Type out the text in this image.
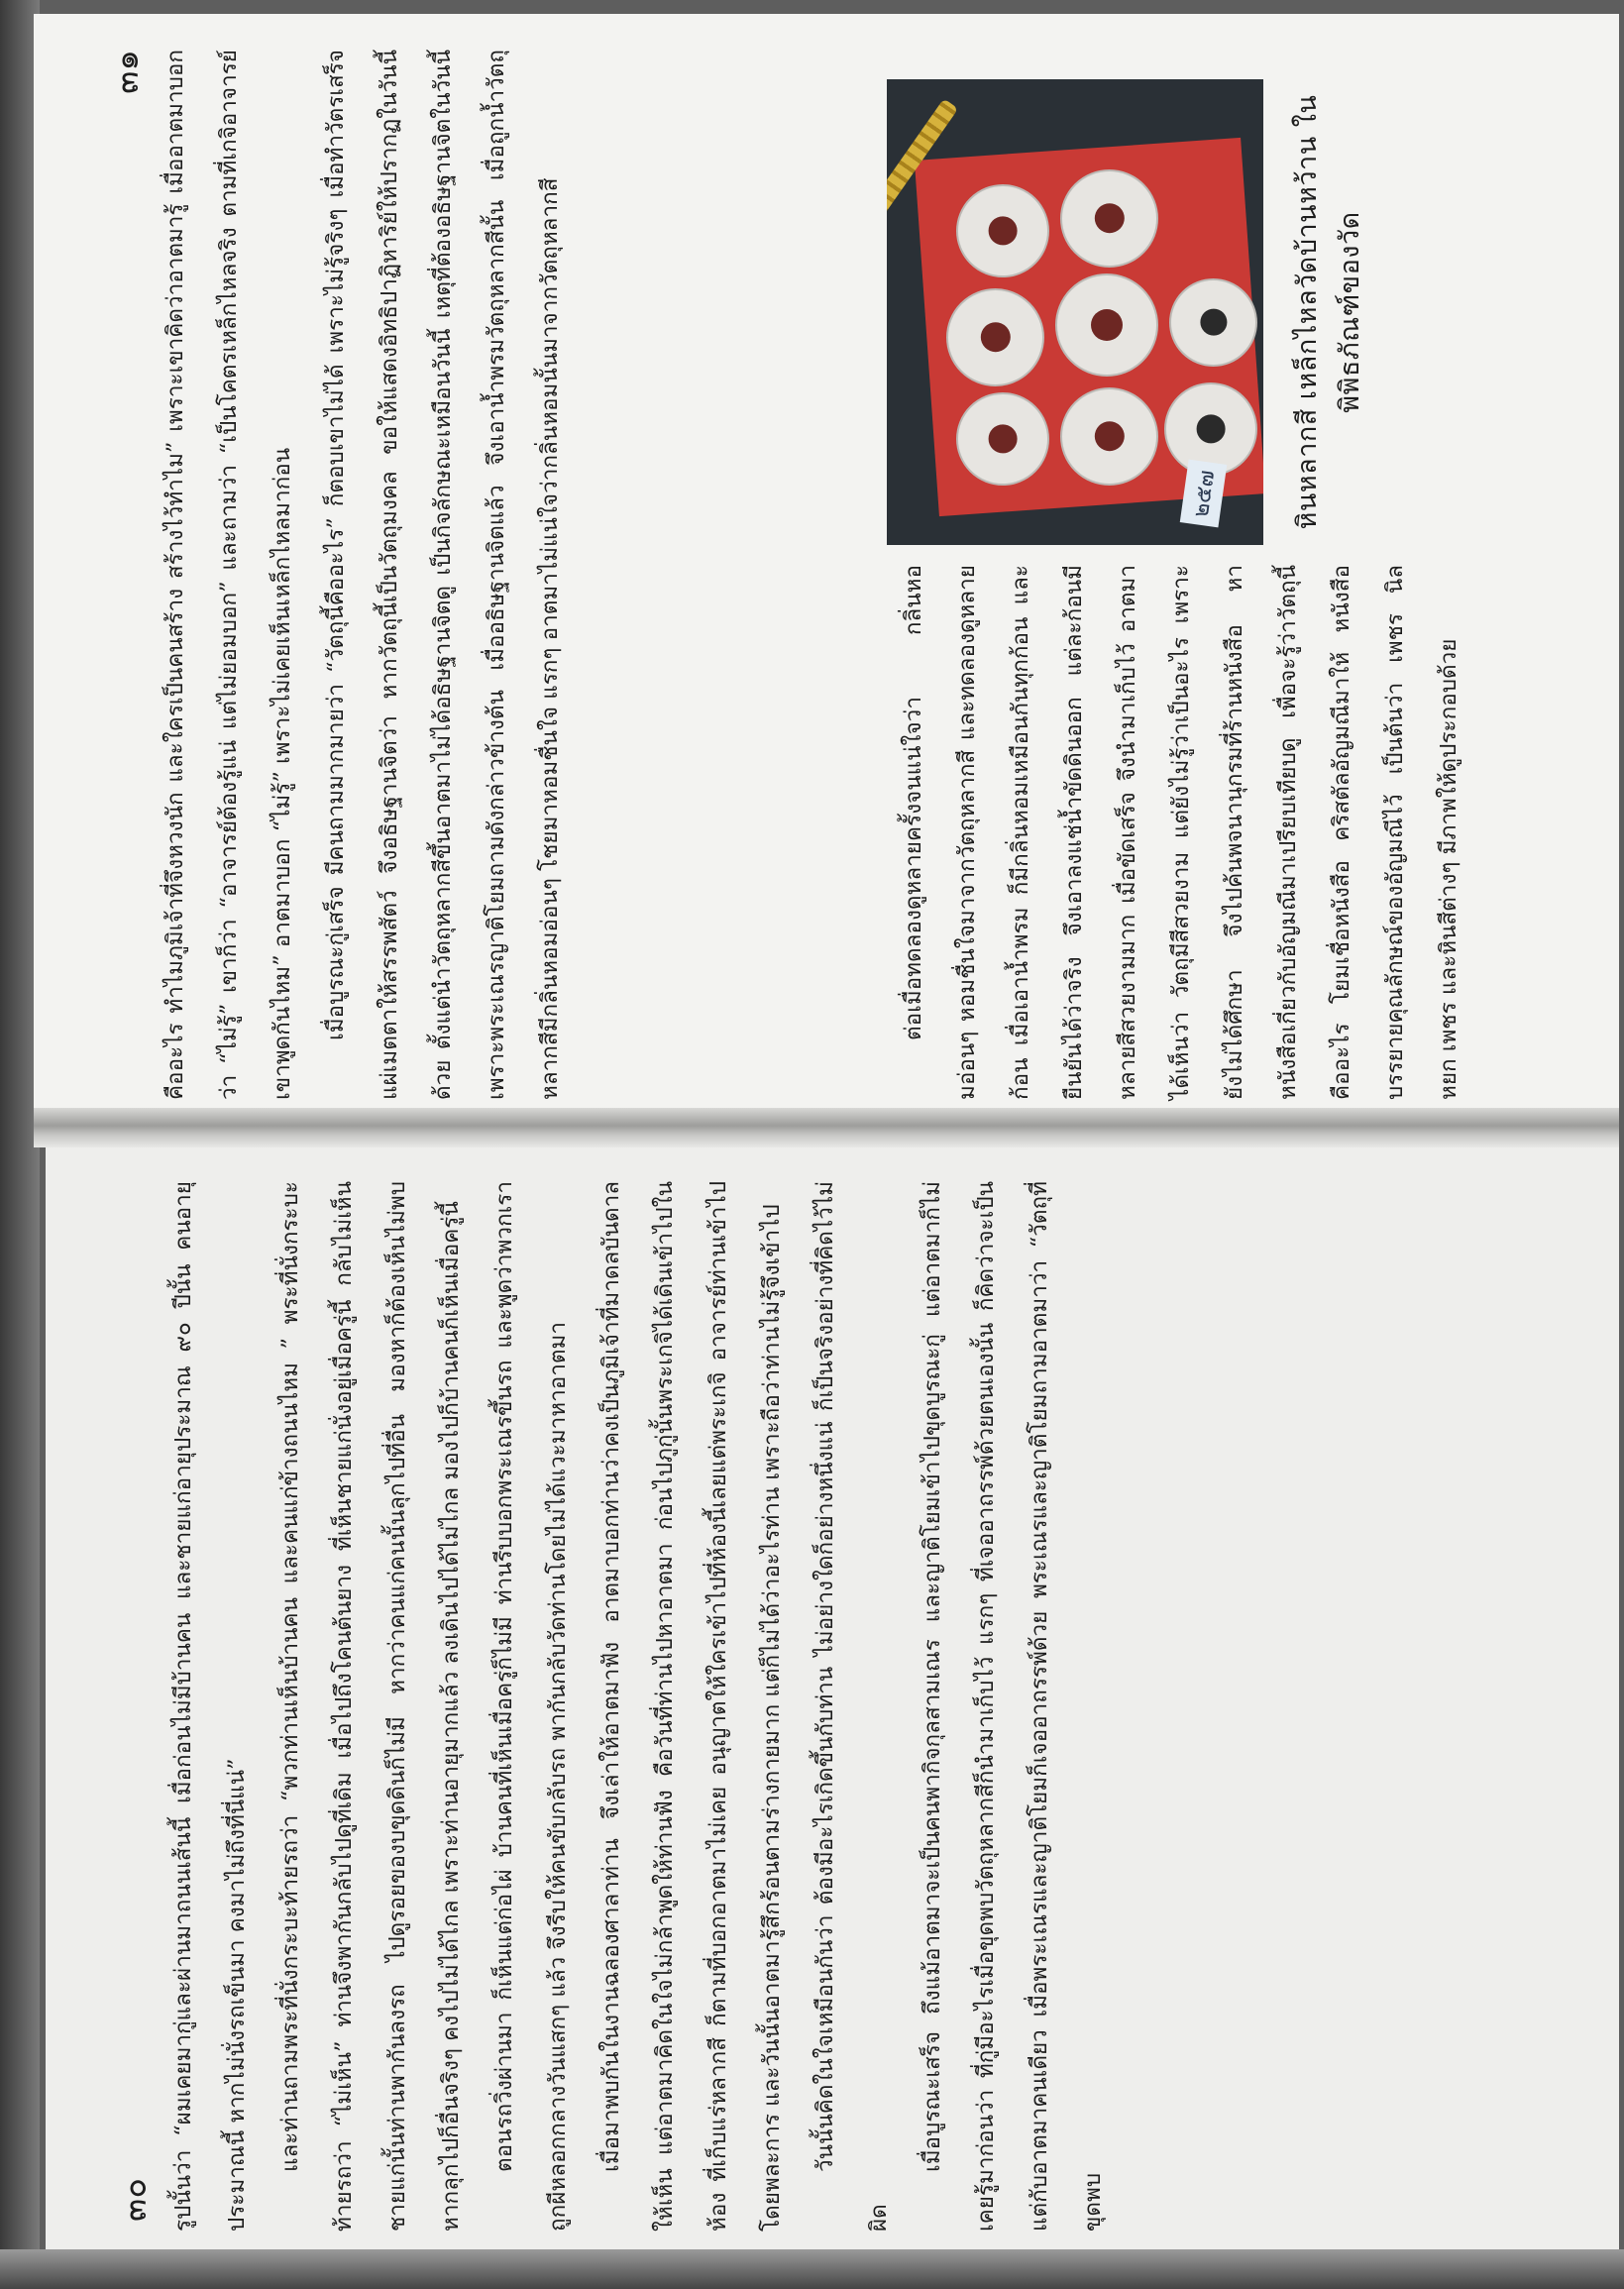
๓๑ คืออะไร ทำไมภูมิเจ้าที่จึงหวงนัก และใครเป็นคนสร้าง สร้างไว้ทำไม” เพราะเขาคิดว่าอาตมารู้ เมื่ออาตมาบอกว่า “ไม่รู้” เขาก็ว่า “อาจารย์ต้องรู้แน่ แต่ไม่ยอมบอก” และถามว่า “เป็นโคตรเหล็กไหลจริง ตามที่เกจิอาจารย์เขาพูดกันไหม” อาตมาบอก “ไม่รู้” เพราะไม่เคยเห็นเหล็กไหลมาก่อน	เมื่อบูรณะกู่เสร็จ มีคนถามมากมายว่า “วัตถุนี้คืออะไร” ก็ตอบเขาไม่ได้ เพราะไม่รู้จริงๆ เมื่อทำวัตรเสร็จแผ่เมตตาให้สรรพสัตว์ จึงอธิษฐานจิตว่า หากวัตถุนี้เป็นวัตถุมงคล ขอให้แสดงอิทธิปาฏิหาริย์ให้ปรากฏในวันนี้ด้วย ตั้งแต่นำวัตถุหลากสีขึ้นอาตมาไม่ได้อธิษฐานจิตดู เป็นกิจลักษณะเหมือนวันนี้ เหตุที่ต้องอธิษฐานจิตในวันนี้ เพราะพระเณรญาติโยมถามดังกล่าวข้างต้น เมื่ออธิษฐานจิตแล้ว จึงเอาน้ำพรมวัตถุหลากสีนั้น เมื่อถูกน้ำวัตถุหลากสีมีกลิ่นหอมอ่อนๆ โชยมาหอมชื่นใจ แรกๆ อาตมาไม่แน่ใจว่ากลิ่นหอมนั้นมาจากวัตถุหลากสี	ต่อเมื่อทดลองดูหลายครั้งจนแน่ใจว่า กลิ่นหอมอ่อนๆ หอมชื่นใจมาจากวัตถุหลากสี และทดลองดูหลายก้อน เมื่อเอาน้ำพรม ก็มีกลิ่นหอมเหมือนกันทุกก้อน และยืนยันได้ว่าจริง จึงเอาลงแช่น้ำขัดดินออก แต่ละก้อนมีหลายสีสวยงามมาก เมื่อขัดเสร็จ จึงนำมาเก็บไว้ อาตมาได้เห็นว่า วัตถุมีสีสวยงาม แต่ยังไม่รู้ว่าเป็นอะไร เพราะยังไม่ได้ศึกษา จึงไปค้นพจนานุกรมที่ร้านหนังสือ หาหนังสือเกี่ยวกับอัญมณีมาเปรียบเทียบดู เพื่อจะรู้ว่าวัตถุนี้คืออะไร โยมเชื่อหนังสือ คริสตัลอัญมณีมาให้ หนังสือบรรยายคุณลักษณ์ของอัญมณีไว้ เป็นต้นว่า เพชร นิล หยก เพชร และหินสีต่างๆ มีภาพให้ดูประกอบด้วย

๒๕๗	หินหลากสี เหล็กไหลวัดบ้านหว้าน ในพิพิธภัณฑ์ของวัด
๓๐ รูปนั้นว่า “ผมเคยมากู่และผ่านมาถนนเส้นนี้ เมื่อก่อนไม่มีบ้านคน และชายแก่อายุประมาณ ๙๐ ปีนั้น คนอายุประมาณนี้ หากไม่นั่งรถเข็นมา คงมาไม่ถึงที่นี่แน่”	และท่านถามพระที่นั่งกระบะท้ายรถว่า “พวกท่านเห็นบ้านคน และคนแก่ข้างถนนไหม ” พระที่นั่งกระบะท้ายรถว่า “ไม่เห็น” ท่านจึงพากันกลับไปดูที่เดิม เมื่อไปถึงโคนต้นยาง ที่เห็นชายแก่นั่งอยู่เมื่อครู่นี้ กลับไม่เห็นชายแก่นั้นท่านพากันลงรถ ไปดูรอยของบขุดดินก็ไม่มี หากว่าคนแก่คนนั้นลุกไปที่อื่น มองหาก็ต้องเห็นไม่พบ หากลุกไปก็อื่นจริงๆ คงไปไม่ได้ไกล เพราะท่านอายุมากแล้ว ลงเดินไปได้ไม่ไกล มองไปก็บ้านคนก็เห็นเมื่อครู่นี้	ตอนรถวิ่งผ่านมา ก็เห็นแต่ก่อไผ่ บ้านคนที่เห็นเมื่อครู่ก็ไม่มี ท่านรีบบอกพระเณรขึ้นรถ และพูดว่าพวกเราถูกผีหลอกกลางวันแสกๆ แล้ว จึงรีบให้คนขับกลับรถ พากันกลับวัดท่านโดยไม่ได้แวะมาหาอาตมา	เมื่อมาพบกันในงานฉลองศาลาท่าน จึงเล่าให้อาตมาฟัง อาตมาบอกท่านว่าคงเป็นภูมิเจ้าที่มาดลบันดาลให้เห็น แต่อาตมาคิดในใจไม่กล้าพูดให้ท่านฟัง คือวันที่ท่านไปหาอาตมา ก่อนไปภูกู่นั้นพระเกจิได้เดินเข้าไปในห้อง ที่เก็บแร่หลากสี ก็ตามที่บอกอาตมาไม่เคย อนุญาตให้ใครเข้าไปที่ห้องนี้เลยแต่พระเกจิ อาจารย์ท่านเข้าไปโดยพละการ และวันนั้นอาตมารู้สึกร้อนตามร่างกายมาก แต่ก็ไม่ได้ว่าอะไรท่าน เพราะถือว่าท่านไม่รู้จึงเข้าไป	วันนั้นคิดในใจเหมือนกันว่า ต้องมีอะไรเกิดขึ้นกับท่าน ไม่อย่างใดก็อย่างหนึ่งแน่ ก็เป็นจริงอย่างที่คิดไว้ไม่ผิด

เมื่อบูรณะเสร็จ ถึงแม้อาตมาจะเป็นคนพากิจกุลสามเณร และญาติโยมเข้าไปขุดบูรณะกู่ แต่อาตมาก็ไม่เคยรู้มาก่อนว่า ที่กู่มีอะไรเมื่อขุดพบวัตถุหลากสีก็นำมาเก็บไว้ แรกๆ ที่เจออาถรรพ์ด้วยตนเองนั้น ก็คิดว่าจะเป็นแต่กับอาตมาคนเดียว เมื่อพระเณรและญาติโยมก็เจออาถรรพ์ด้วย พระเณรและญาติโยมถามอาตมาว่า “วัตถุที่ขุดพบ
